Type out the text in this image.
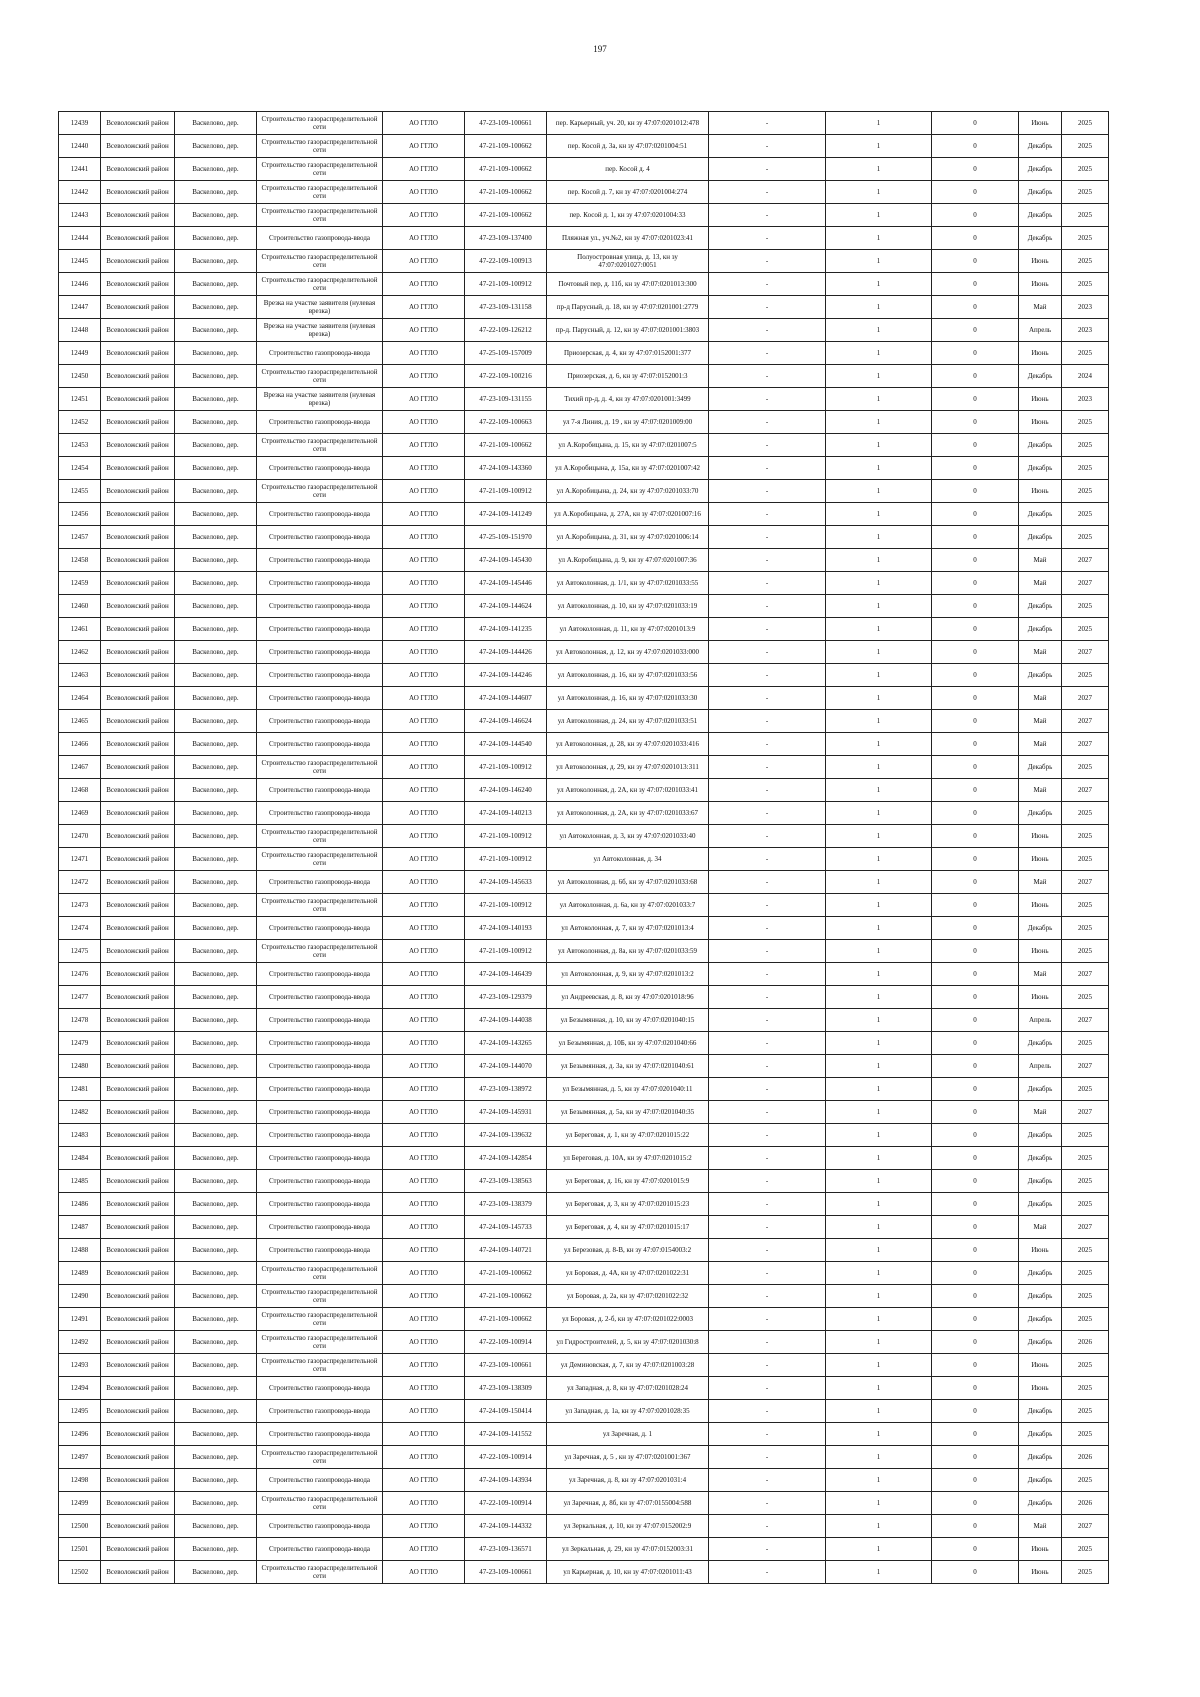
197
12439	Всеволожский район	Васкелово, дер.	Строительство газораспределительной сети	АО ГГЛО	47-23-109-100661	пер. Карьерный, уч. 20, кн зу 47:07:0201012:478	-	1	0	Июнь	2025
12440	Всеволожский район	Васкелово, дер.	Строительство газораспределительной сети	АО ГГЛО	47-21-109-100662	пер. Косой д. 3а, кн зу 47:07:0201004:51	-	1	0	Декабрь	2025
12441	Всеволожский район	Васкелово, дер.	Строительство газораспределительной сети	АО ГГЛО	47-21-109-100662	пер. Косой д. 4	-	1	0	Декабрь	2025
12442	Всеволожский район	Васкелово, дер.	Строительство газораспределительной сети	АО ГГЛО	47-21-109-100662	пер. Косой д. 7, кн зу 47:07:0201004:274	-	1	0	Декабрь	2025
12443	Всеволожский район	Васкелово, дер.	Строительство газораспределительной сети	АО ГГЛО	47-21-109-100662	пер. Косой д. 1, кн зу 47:07:0201004:33	-	1	0	Декабрь	2025
12444	Всеволожский район	Васкелово, дер.	Строительство газопровода-ввода	АО ГГЛО	47-23-109-137400	Пляжная ул., уч.№2, кн зу 47:07:0201023:41	-	1	0	Декабрь	2025
12445	Всеволожский район	Васкелово, дер.	Строительство газораспределительной сети	АО ГГЛО	47-22-109-100913	Полуостровная улица, д. 13, кн зу 47:07:0201027:0051	-	1	0	Июнь	2025
12446	Всеволожский район	Васкелово, дер.	Строительство газораспределительной сети	АО ГГЛО	47-21-109-100912	Почтовый пер, д. 11б, кн зу 47:07:0201013:300	-	1	0	Июнь	2025
12447	Всеволожский район	Васкелово, дер.	Врезка на участке заявителя (нулевая врезка)	АО ГГЛО	47-23-109-131158	пр-д Парусный, д. 18, кн зу 47:07:0201001:2779	-	1	0	Май	2023
12448	Всеволожский район	Васкелово, дер.	Врезка на участке заявителя (нулевая врезка)	АО ГГЛО	47-22-109-126212	пр-д. Парусный, д. 12, кн зу 47:07:0201001:3803	-	1	0	Апрель	2023
12449	Всеволожский район	Васкелово, дер.	Строительство газопровода-ввода	АО ГГЛО	47-25-109-157009	Приозерская, д. 4, кн зу 47:07:0152001:377	-	1	0	Июнь	2025
12450	Всеволожский район	Васкелово, дер.	Строительство газораспределительной сети	АО ГГЛО	47-22-109-100216	Приозерская, д. 6, кн зу 47:07:0152001:3	-	1	0	Декабрь	2024
12451	Всеволожский район	Васкелово, дер.	Врезка на участке заявителя (нулевая врезка)	АО ГГЛО	47-23-109-131155	Тихий пр-д, д. 4, кн зу 47:07:0201001:3499	-	1	0	Июнь	2023
12452	Всеволожский район	Васкелово, дер.	Строительство газопровода-ввода	АО ГГЛО	47-22-109-100663	ул 7-я Линия, д. 19 , кн зу 47:07:0201009:00	-	1	0	Июнь	2025
12453	Всеволожский район	Васкелово, дер.	Строительство газораспределительной сети	АО ГГЛО	47-21-109-100662	ул А.Коробицына, д. 15, кн зу 47:07:0201007:5	-	1	0	Декабрь	2025
12454	Всеволожский район	Васкелово, дер.	Строительство газопровода-ввода	АО ГГЛО	47-24-109-143360	ул А.Коробицына, д. 15а, кн зу 47:07:0201007:42	-	1	0	Декабрь	2025
12455	Всеволожский район	Васкелово, дер.	Строительство газораспределительной сети	АО ГГЛО	47-21-109-100912	ул А.Коробицына, д. 24, кн зу 47:07:0201033:70	-	1	0	Июнь	2025
12456	Всеволожский район	Васкелово, дер.	Строительство газопровода-ввода	АО ГГЛО	47-24-109-141249	ул А.Коробицына, д. 27А, кн зу 47:07:0201007:16	-	1	0	Декабрь	2025
12457	Всеволожский район	Васкелово, дер.	Строительство газопровода-ввода	АО ГГЛО	47-25-109-151970	ул А.Коробицына, д. 31, кн зу 47:07:0201006:14	-	1	0	Декабрь	2025
12458	Всеволожский район	Васкелово, дер.	Строительство газопровода-ввода	АО ГГЛО	47-24-109-145430	ул А.Коробицына, д. 9, кн зу 47:07:0201007:36	-	1	0	Май	2027
12459	Всеволожский район	Васкелово, дер.	Строительство газопровода-ввода	АО ГГЛО	47-24-109-145446	ул Автоколонная, д. 1/1, кн зу 47:07:0201033:55	-	1	0	Май	2027
12460	Всеволожский район	Васкелово, дер.	Строительство газопровода-ввода	АО ГГЛО	47-24-109-144624	ул Автоколонная, д. 10, кн зу 47:07:0201033:19	-	1	0	Декабрь	2025
12461	Всеволожский район	Васкелово, дер.	Строительство газопровода-ввода	АО ГГЛО	47-24-109-141235	ул Автоколонная, д. 11, кн зу 47:07:0201013:9	-	1	0	Декабрь	2025
12462	Всеволожский район	Васкелово, дер.	Строительство газопровода-ввода	АО ГГЛО	47-24-109-144426	ул Автоколонная, д. 12, кн зу 47:07:0201033:000	-	1	0	Май	2027
12463	Всеволожский район	Васкелово, дер.	Строительство газопровода-ввода	АО ГГЛО	47-24-109-144246	ул Автоколонная, д. 16, кн зу 47:07:0201033:56	-	1	0	Декабрь	2025
12464	Всеволожский район	Васкелово, дер.	Строительство газопровода-ввода	АО ГГЛО	47-24-109-144607	ул Автоколонная, д. 16, кн зу 47:07:0201033:30	-	1	0	Май	2027
12465	Всеволожский район	Васкелово, дер.	Строительство газопровода-ввода	АО ГГЛО	47-24-109-146624	ул Автоколонная, д. 24, кн зу 47:07:0201033:51	-	1	0	Май	2027
12466	Всеволожский район	Васкелово, дер.	Строительство газопровода-ввода	АО ГГЛО	47-24-109-144540	ул Автоколонная, д. 28, кн зу 47:07:0201033:416	-	1	0	Май	2027
12467	Всеволожский район	Васкелово, дер.	Строительство газораспределительной сети	АО ГГЛО	47-21-109-100912	ул Автоколонная, д. 29, кн зу 47:07:0201013:311	-	1	0	Декабрь	2025
12468	Всеволожский район	Васкелово, дер.	Строительство газопровода-ввода	АО ГГЛО	47-24-109-146240	ул Автоколонная, д. 2А, кн зу 47:07:0201033:41	-	1	0	Май	2027
12469	Всеволожский район	Васкелово, дер.	Строительство газопровода-ввода	АО ГГЛО	47-24-109-140213	ул Автоколонная, д. 2А, кн зу 47:07:0201033:67	-	1	0	Декабрь	2025
12470	Всеволожский район	Васкелово, дер.	Строительство газораспределительной сети	АО ГГЛО	47-21-109-100912	ул Автоколонная, д. 3, кн зу 47:07:0201033:40	-	1	0	Июнь	2025
12471	Всеволожский район	Васкелово, дер.	Строительство газораспределительной сети	АО ГГЛО	47-21-109-100912	ул Автоколонная, д. 34	-	1	0	Июнь	2025
12472	Всеволожский район	Васкелово, дер.	Строительство газопровода-ввода	АО ГГЛО	47-24-109-145633	ул Автоколонная, д. 6б, кн зу 47:07:0201033:68	-	1	0	Май	2027
12473	Всеволожский район	Васкелово, дер.	Строительство газораспределительной сети	АО ГГЛО	47-21-109-100912	ул Автоколонная, д. 6а, кн зу 47:07:0201033:7	-	1	0	Июнь	2025
12474	Всеволожский район	Васкелово, дер.	Строительство газопровода-ввода	АО ГГЛО	47-24-109-140193	ул Автоколонная, д. 7, кн зу 47:07:0201013:4	-	1	0	Декабрь	2025
12475	Всеволожский район	Васкелово, дер.	Строительство газораспределительной сети	АО ГГЛО	47-21-109-100912	ул Автоколонная, д. 8а, кн зу 47:07:0201033:59	-	1	0	Июнь	2025
12476	Всеволожский район	Васкелово, дер.	Строительство газопровода-ввода	АО ГГЛО	47-24-109-146439	ул Автоколонная, д. 9, кн зу 47:07:0201013:2	-	1	0	Май	2027
12477	Всеволожский район	Васкелово, дер.	Строительство газопровода-ввода	АО ГГЛО	47-23-109-129379	ул Андреевская, д. 8, кн зу 47:07:0201018:96	-	1	0	Июнь	2025
12478	Всеволожский район	Васкелово, дер.	Строительство газопровода-ввода	АО ГГЛО	47-24-109-144038	ул Безымянная, д. 10, кн зу 47:07:0201040:15	-	1	0	Апрель	2027
12479	Всеволожский район	Васкелово, дер.	Строительство газопровода-ввода	АО ГГЛО	47-24-109-143265	ул Безымянная, д. 10Б, кн зу 47:07:0201040:66	-	1	0	Декабрь	2025
12480	Всеволожский район	Васкелово, дер.	Строительство газопровода-ввода	АО ГГЛО	47-24-109-144070	ул Безымянная, д. 3а, кн зу 47:07:0201040:61	-	1	0	Апрель	2027
12481	Всеволожский район	Васкелово, дер.	Строительство газопровода-ввода	АО ГГЛО	47-23-109-138972	ул Безымянная, д. 5, кн зу 47:07:0201040:11	-	1	0	Декабрь	2025
12482	Всеволожский район	Васкелово, дер.	Строительство газопровода-ввода	АО ГГЛО	47-24-109-145931	ул Безымянная, д. 5а, кн зу 47:07:0201040:35	-	1	0	Май	2027
12483	Всеволожский район	Васкелово, дер.	Строительство газопровода-ввода	АО ГГЛО	47-24-109-139632	ул Береговая, д. 1, кн зу 47:07:0201015:22	-	1	0	Декабрь	2025
12484	Всеволожский район	Васкелово, дер.	Строительство газопровода-ввода	АО ГГЛО	47-24-109-142854	ул Береговая, д. 10А, кн зу 47:07:0201015:2	-	1	0	Декабрь	2025
12485	Всеволожский район	Васкелово, дер.	Строительство газопровода-ввода	АО ГГЛО	47-23-109-138563	ул Береговая, д. 16, кн зу 47:07:0201015:9	-	1	0	Декабрь	2025
12486	Всеволожский район	Васкелово, дер.	Строительство газопровода-ввода	АО ГГЛО	47-23-109-138379	ул Береговая, д. 3, кн зу 47:07:0201015:23	-	1	0	Декабрь	2025
12487	Всеволожский район	Васкелово, дер.	Строительство газопровода-ввода	АО ГГЛО	47-24-109-145733	ул Береговая, д. 4, кн зу 47:07:0201015:17	-	1	0	Май	2027
12488	Всеволожский район	Васкелово, дер.	Строительство газопровода-ввода	АО ГГЛО	47-24-109-140721	ул Березовая, д. 8-В, кн зу 47:07:0154003:2	-	1	0	Июнь	2025
12489	Всеволожский район	Васкелово, дер.	Строительство газораспределительной сети	АО ГГЛО	47-21-109-100662	ул Боровая, д. 4А, кн зу 47:07:0201022:31	-	1	0	Декабрь	2025
12490	Всеволожский район	Васкелово, дер.	Строительство газораспределительной сети	АО ГГЛО	47-21-109-100662	ул Боровая, д. 2а, кн зу 47:07:0201022:32	-	1	0	Декабрь	2025
12491	Всеволожский район	Васкелово, дер.	Строительство газораспределительной сети	АО ГГЛО	47-21-109-100662	ул Боровая, д. 2-б, кн зу 47:07:0201022:0003	-	1	0	Декабрь	2025
12492	Всеволожский район	Васкелово, дер.	Строительство газораспределительной сети	АО ГГЛО	47-22-109-100914	ул Гидростроителей, д. 5, кн зу 47:07:0201030:8	-	1	0	Декабрь	2026
12493	Всеволожский район	Васкелово, дер.	Строительство газораспределительной сети	АО ГГЛО	47-23-109-100661	ул Деминовская, д. 7, кн зу 47:07:0201003:28	-	1	0	Июнь	2025
12494	Всеволожский район	Васкелово, дер.	Строительство газопровода-ввода	АО ГГЛО	47-23-109-138309	ул Западная, д. 8, кн зу 47:07:0201028:24	-	1	0	Июнь	2025
12495	Всеволожский район	Васкелово, дер.	Строительство газопровода-ввода	АО ГГЛО	47-24-109-150414	ул Западная, д. 1а, кн зу 47:07:0201028:35	-	1	0	Декабрь	2025
12496	Всеволожский район	Васкелово, дер.	Строительство газопровода-ввода	АО ГГЛО	47-24-109-141552	ул Заречная, д. 1	-	1	0	Декабрь	2025
12497	Всеволожский район	Васкелово, дер.	Строительство газораспределительной сети	АО ГГЛО	47-22-109-100914	ул Заречная, д. 5 , кн зу 47:07:0201001:367	-	1	0	Декабрь	2026
12498	Всеволожский район	Васкелово, дер.	Строительство газопровода-ввода	АО ГГЛО	47-24-109-143934	ул Заречная, д. 8, кн зу 47:07:0201031:4	-	1	0	Декабрь	2025
12499	Всеволожский район	Васкелово, дер.	Строительство газораспределительной сети	АО ГГЛО	47-22-109-100914	ул Заречная, д. 8б, кн зу 47:07:0155004:588	-	1	0	Декабрь	2026
12500	Всеволожский район	Васкелово, дер.	Строительство газопровода-ввода	АО ГГЛО	47-24-109-144332	ул Зеркальная, д. 10, кн зу 47:07:0152002:9	-	1	0	Май	2027
12501	Всеволожский район	Васкелово, дер.	Строительство газопровода-ввода	АО ГГЛО	47-23-109-136571	ул Зеркальная, д. 29, кн зу 47:07:0152003:31	-	1	0	Июнь	2025
12502	Всеволожский район	Васкелово, дер.	Строительство газораспределительной сети	АО ГГЛО	47-23-109-100661	ул Карьерная, д. 10, кн зу 47:07:0201011:43	-	1	0	Июнь	2025
